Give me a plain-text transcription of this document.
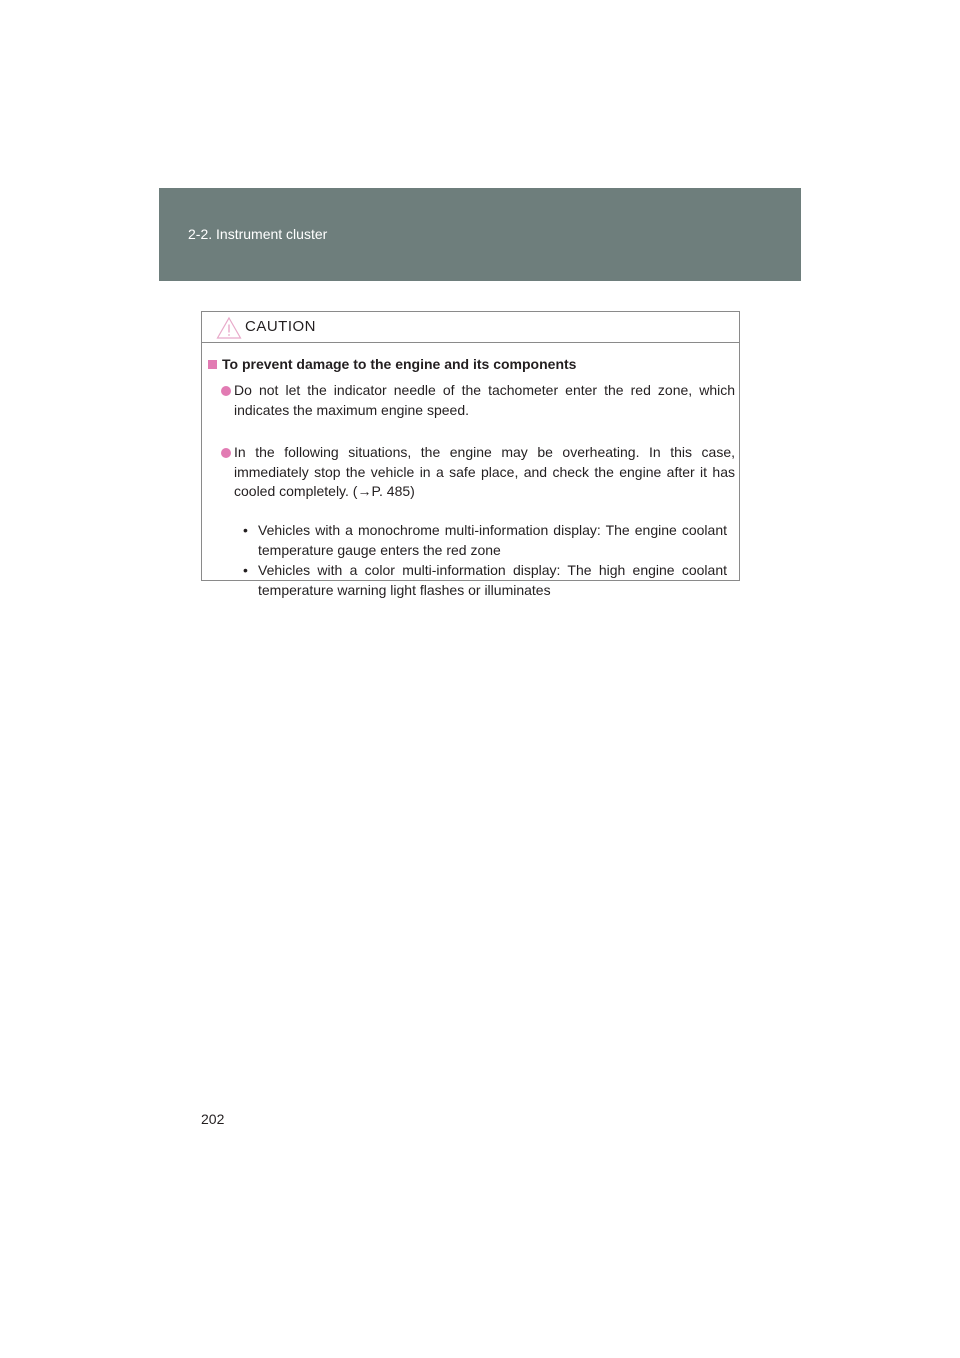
2-2. Instrument cluster
CAUTION
To prevent damage to the engine and its components
Do not let the indicator needle of the tachometer enter the red zone, which indicates the maximum engine speed.
In the following situations, the engine may be overheating. In this case, immediately stop the vehicle in a safe place, and check the engine after it has cooled completely. (→P. 485)
• Vehicles with a monochrome multi-information display: The engine coolant temperature gauge enters the red zone
• Vehicles with a color multi-information display: The high engine coolant temperature warning light flashes or illuminates
202
